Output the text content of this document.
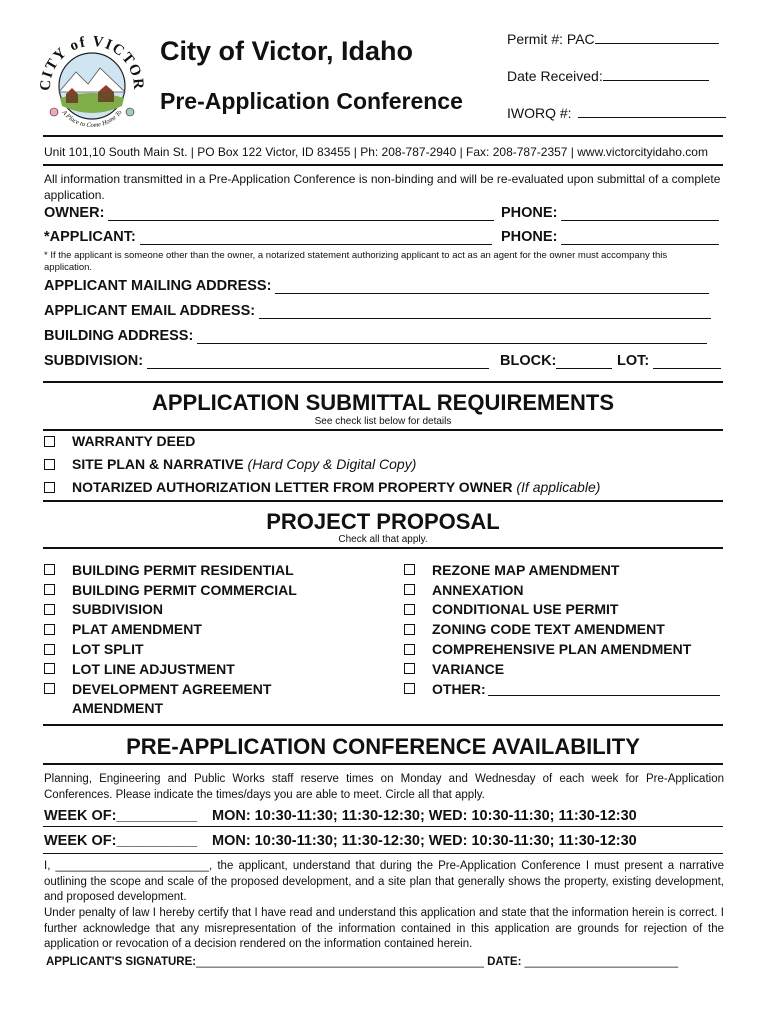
CITY of VICTOR
A Place to Come Home To
City of Victor, Idaho
Pre-Application Conference
Permit #: PAC
Date Received:
IWORQ #:
Unit 101,10 South Main St. | PO Box 122 Victor, ID 83455 | Ph: 208-787-2940 | Fax: 208-787-2357 | www.victorcityidaho.com
All information transmitted in a Pre-Application Conference is non-binding and will be re-evaluated upon submittal of a complete application.
OWNER:	PHONE:
*APPLICANT:	PHONE:
* If the applicant is someone other than the owner, a notarized statement authorizing applicant to act as an agent for the owner must accompany this application.
APPLICANT MAILING ADDRESS:
APPLICANT EMAIL ADDRESS:
BUILDING ADDRESS:
SUBDIVISION:	BLOCK:	LOT:
APPLICATION SUBMITTAL REQUIREMENTS
See check list below for details
WARRANTY DEED
SITE PLAN & NARRATIVE
(Hard Copy & Digital Copy)
NOTARIZED AUTHORIZATION LETTER FROM PROPERTY OWNER
(If applicable)
PROJECT PROPOSAL
Check all that apply.
BUILDING PERMIT RESIDENTIAL
BUILDING PERMIT COMMERCIAL
SUBDIVISION
PLAT AMENDMENT
LOT SPLIT
LOT LINE ADJUSTMENT
DEVELOPMENT AGREEMENT
AMENDMENT
REZONE MAP AMENDMENT
ANNEXATION
CONDITIONAL USE PERMIT
ZONING CODE TEXT AMENDMENT
COMPREHENSIVE PLAN AMENDMENT
VARIANCE
OTHER:
PRE-APPLICATION CONFERENCE AVAILABILITY
Planning, Engineering and Public Works staff reserve times on Monday and Wednesday of each week for Pre-Application Conferences. Please indicate the times/days you are able to meet. Circle all that apply.
WEEK OF:__________ MON: 10:30-11:30; 11:30-12:30; WED: 10:30-11:30; 11:30-12:30
WEEK OF:__________ MON: 10:30-11:30; 11:30-12:30; WED: 10:30-11:30; 11:30-12:30
I, ________________________, the applicant, understand that during the Pre-Application Conference I must present a narrative outlining the scope and scale of the proposed development, and a site plan that generally shows the property, existing development, and proposed development.
Under penalty of law I hereby certify that I have read and understand this application and state that the information herein is correct. I further acknowledge that any misrepresentation of the information contained in this application are grounds for rejection of the application or revocation of a decision rendered on the information contained herein.
APPLICANT'S SIGNATURE:_____________________________________________ DATE: ________________________
